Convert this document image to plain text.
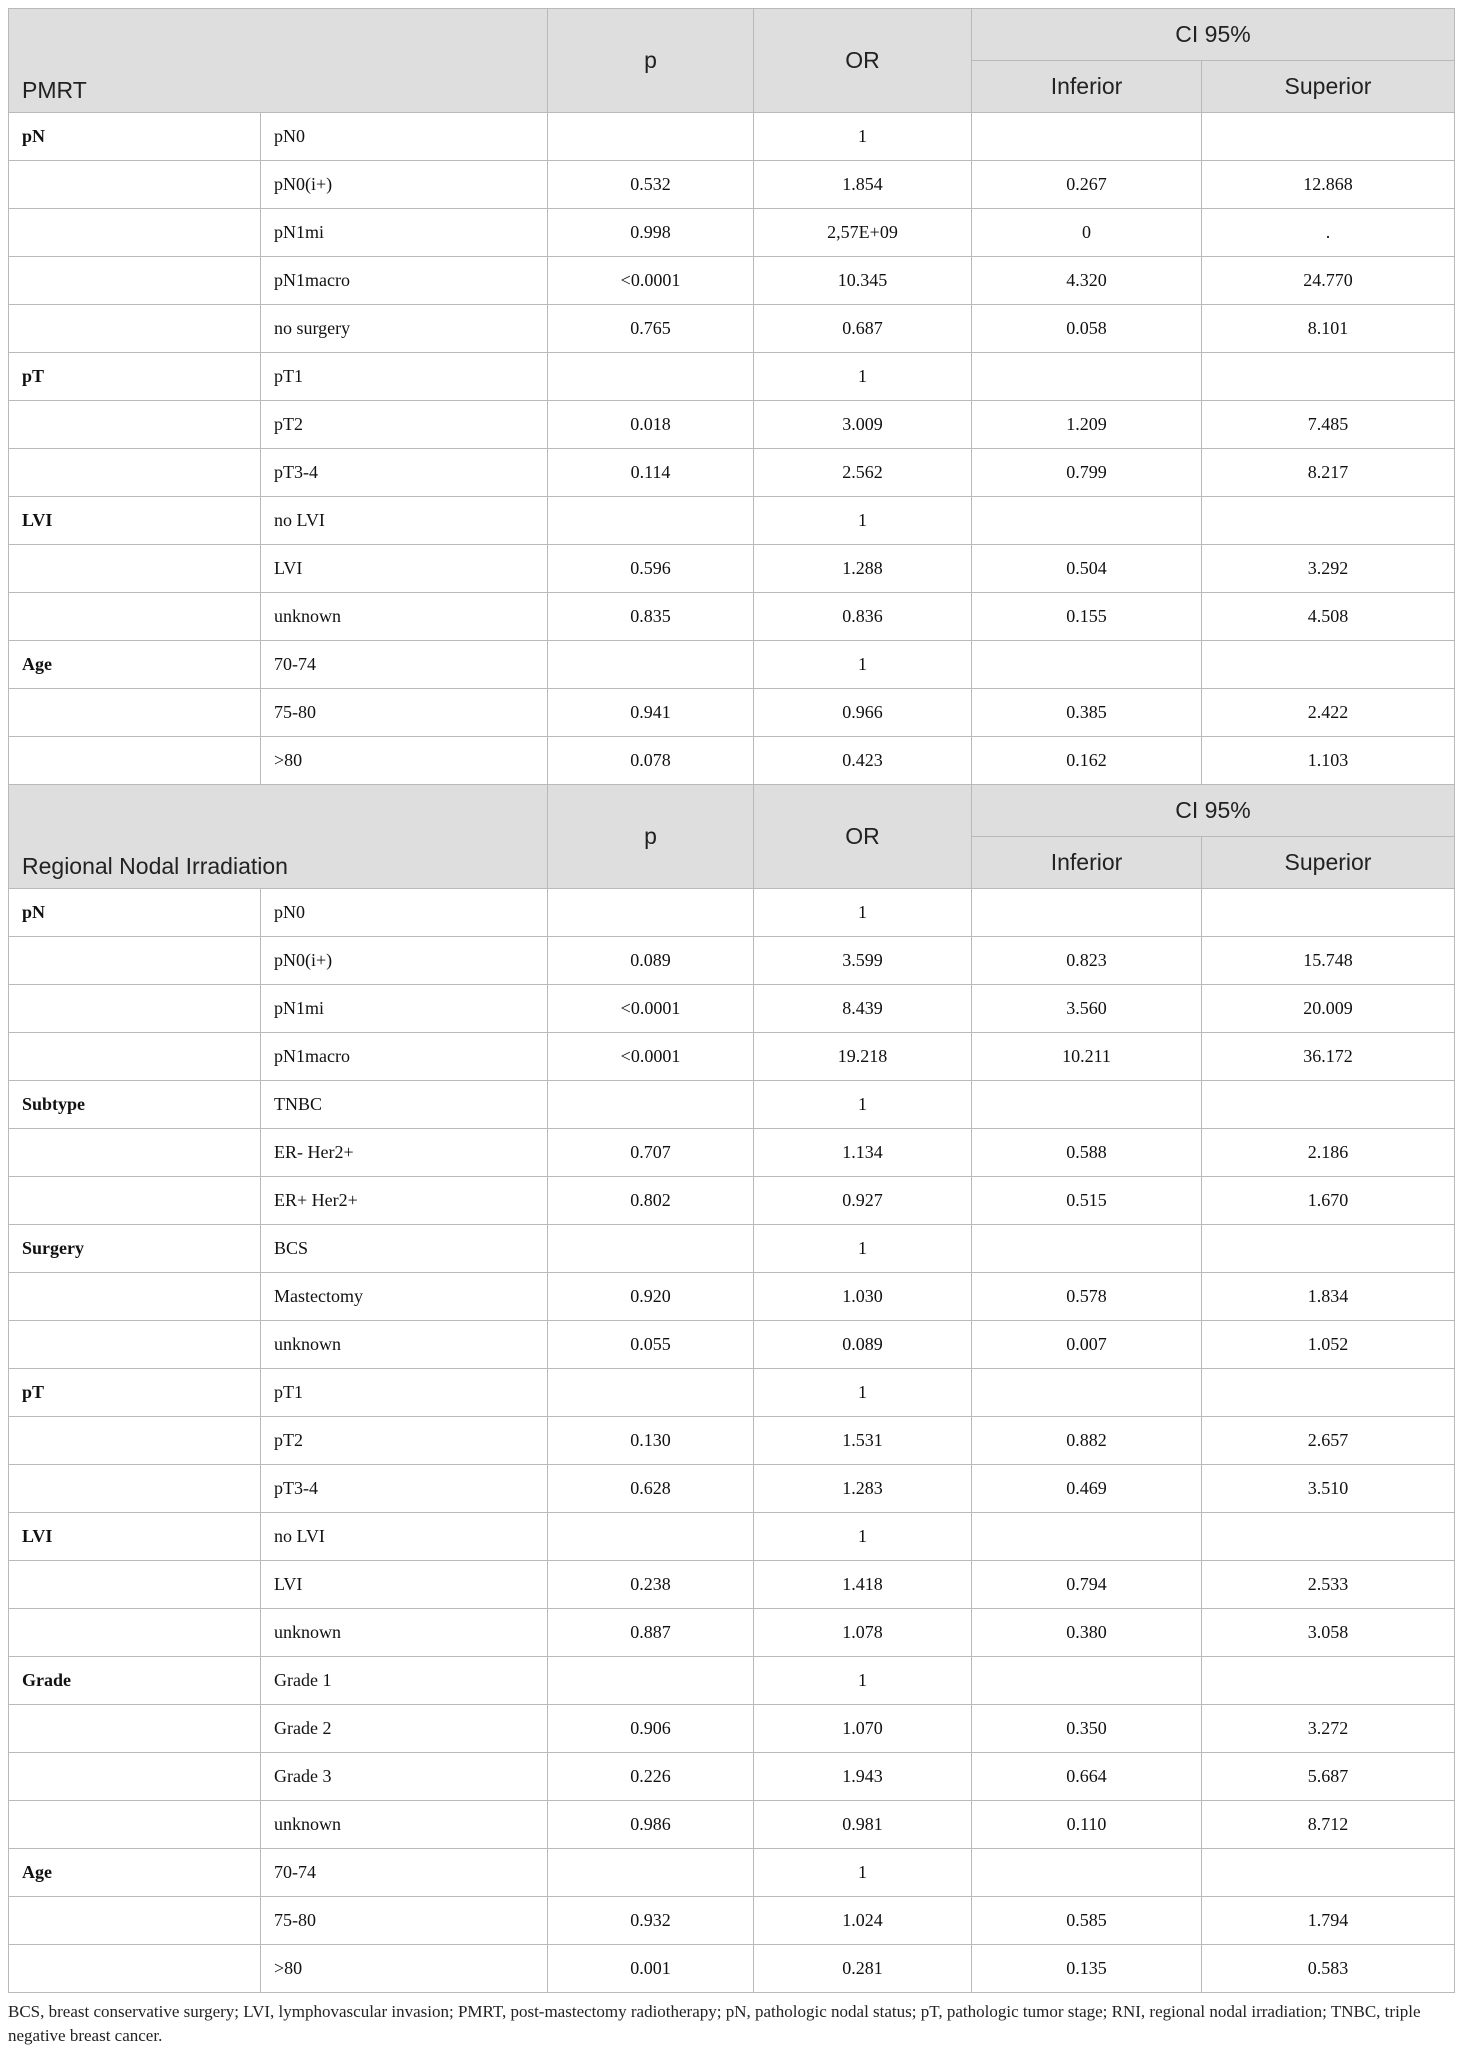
PMRT		p	OR	CI 95%	
				Inferior	Superior
pN	pN0		1		
	pN0(i+)	0.532	1.854	0.267	12.868
	pN1mi	0.998	2,57E+09	0	.
	pN1macro	<0.0001	10.345	4.320	24.770
	no surgery	0.765	0.687	0.058	8.101
pT	pT1		1		
	pT2	0.018	3.009	1.209	7.485
	pT3-4	0.114	2.562	0.799	8.217
LVI	no LVI		1		
	LVI	0.596	1.288	0.504	3.292
	unknown	0.835	0.836	0.155	4.508
Age	70-74		1		
	75-80	0.941	0.966	0.385	2.422
	>80	0.078	0.423	0.162	1.103
Regional Nodal Irradiation		p	OR	CI 95%	
				Inferior	Superior
pN	pN0		1		
	pN0(i+)	0.089	3.599	0.823	15.748
	pN1mi	<0.0001	8.439	3.560	20.009
	pN1macro	<0.0001	19.218	10.211	36.172
Subtype	TNBC		1		
	ER- Her2+	0.707	1.134	0.588	2.186
	ER+ Her2+	0.802	0.927	0.515	1.670
Surgery	BCS		1		
	Mastectomy	0.920	1.030	0.578	1.834
	unknown	0.055	0.089	0.007	1.052
pT	pT1		1		
	pT2	0.130	1.531	0.882	2.657
	pT3-4	0.628	1.283	0.469	3.510
LVI	no LVI		1		
	LVI	0.238	1.418	0.794	2.533
	unknown	0.887	1.078	0.380	3.058
Grade	Grade 1		1		
	Grade 2	0.906	1.070	0.350	3.272
	Grade 3	0.226	1.943	0.664	5.687
	unknown	0.986	0.981	0.110	8.712
Age	70-74		1		
	75-80	0.932	1.024	0.585	1.794
	>80	0.001	0.281	0.135	0.583
BCS, breast conservative surgery; LVI, lymphovascular invasion; PMRT, post-mastectomy radiotherapy; pN, pathologic nodal status; pT, pathologic tumor stage; RNI, regional nodal irradiation; TNBC, triple negative breast cancer.
